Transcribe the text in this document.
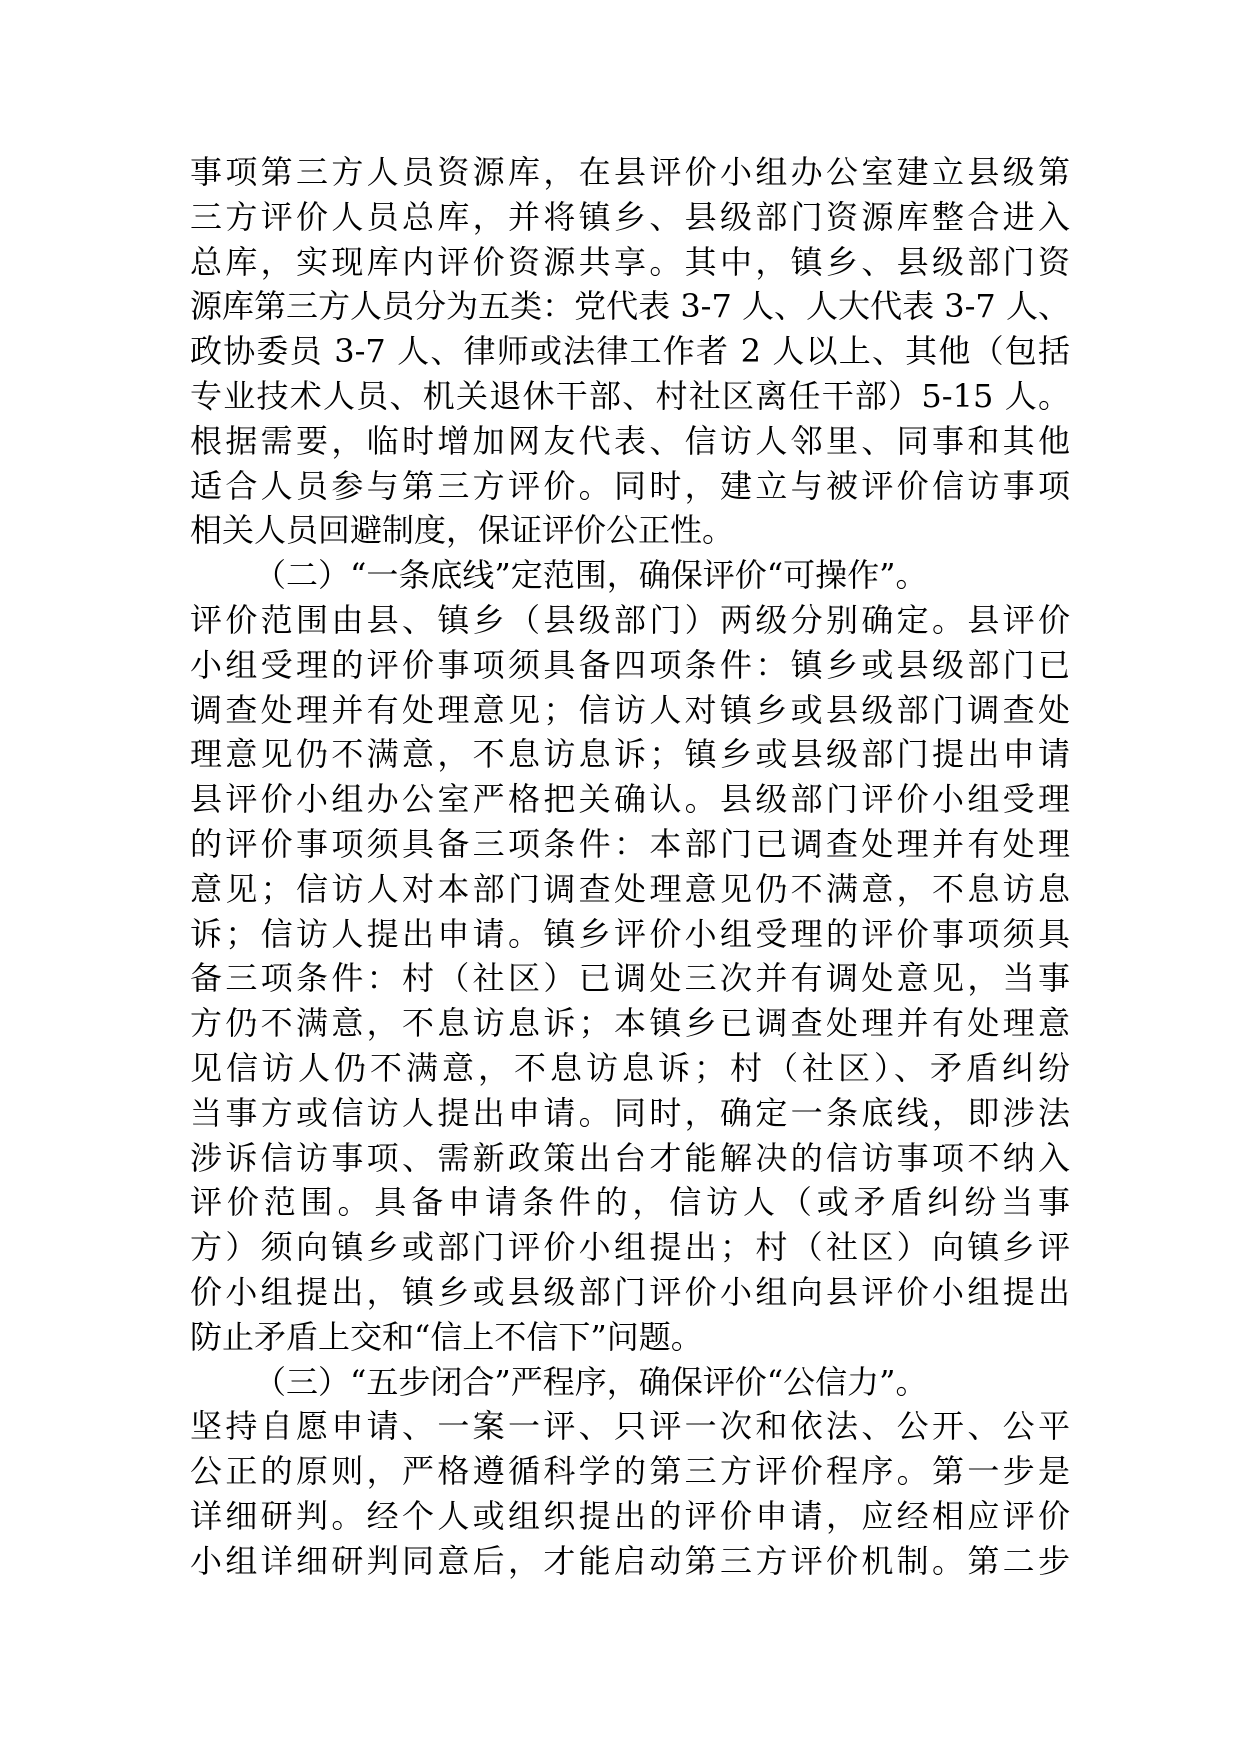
事项第三方人员资源库，在县评价小组办公室建立县级第
三方评价人员总库，并将镇乡、县级部门资源库整合进入
总库，实现库内评价资源共享。其中，镇乡、县级部门资
源库第三方人员分为五类：党代表 3-7 人、人大代表 3-7 人、
政协委员 3-7 人、律师或法律工作者 2 人以上、其他（包括
专业技术人员、机关退休干部、村社区离任干部）5-15 人。
根据需要，临时增加网友代表、信访人邻里、同事和其他
适合人员参与第三方评价。同时，建立与被评价信访事项
相关人员回避制度，保证评价公正性。
（二）“一条底线”定范围，确保评价“可操作”。
评价范围由县、镇乡（县级部门）两级分别确定。县评价
小组受理的评价事项须具备四项条件：镇乡或县级部门已
调查处理并有处理意见；信访人对镇乡或县级部门调查处
理意见仍不满意，不息访息诉；镇乡或县级部门提出申请
县评价小组办公室严格把关确认。县级部门评价小组受理
的评价事项须具备三项条件：本部门已调查处理并有处理
意见；信访人对本部门调查处理意见仍不满意，不息访息
诉；信访人提出申请。镇乡评价小组受理的评价事项须具
备三项条件：村（社区）已调处三次并有调处意见，当事
方仍不满意，不息访息诉；本镇乡已调查处理并有处理意
见信访人仍不满意，不息访息诉；村（社区）、矛盾纠纷
当事方或信访人提出申请。同时，确定一条底线，即涉法
涉诉信访事项、需新政策出台才能解决的信访事项不纳入
评价范围。具备申请条件的，信访人（或矛盾纠纷当事
方）须向镇乡或部门评价小组提出；村（社区）向镇乡评
价小组提出，镇乡或县级部门评价小组向县评价小组提出
防止矛盾上交和“信上不信下”问题。
（三）“五步闭合”严程序，确保评价“公信力”。
坚持自愿申请、一案一评、只评一次和依法、公开、公平
公正的原则，严格遵循科学的第三方评价程序。第一步是
详细研判。经个人或组织提出的评价申请，应经相应评价
小组详细研判同意后，才能启动第三方评价机制。第二步
